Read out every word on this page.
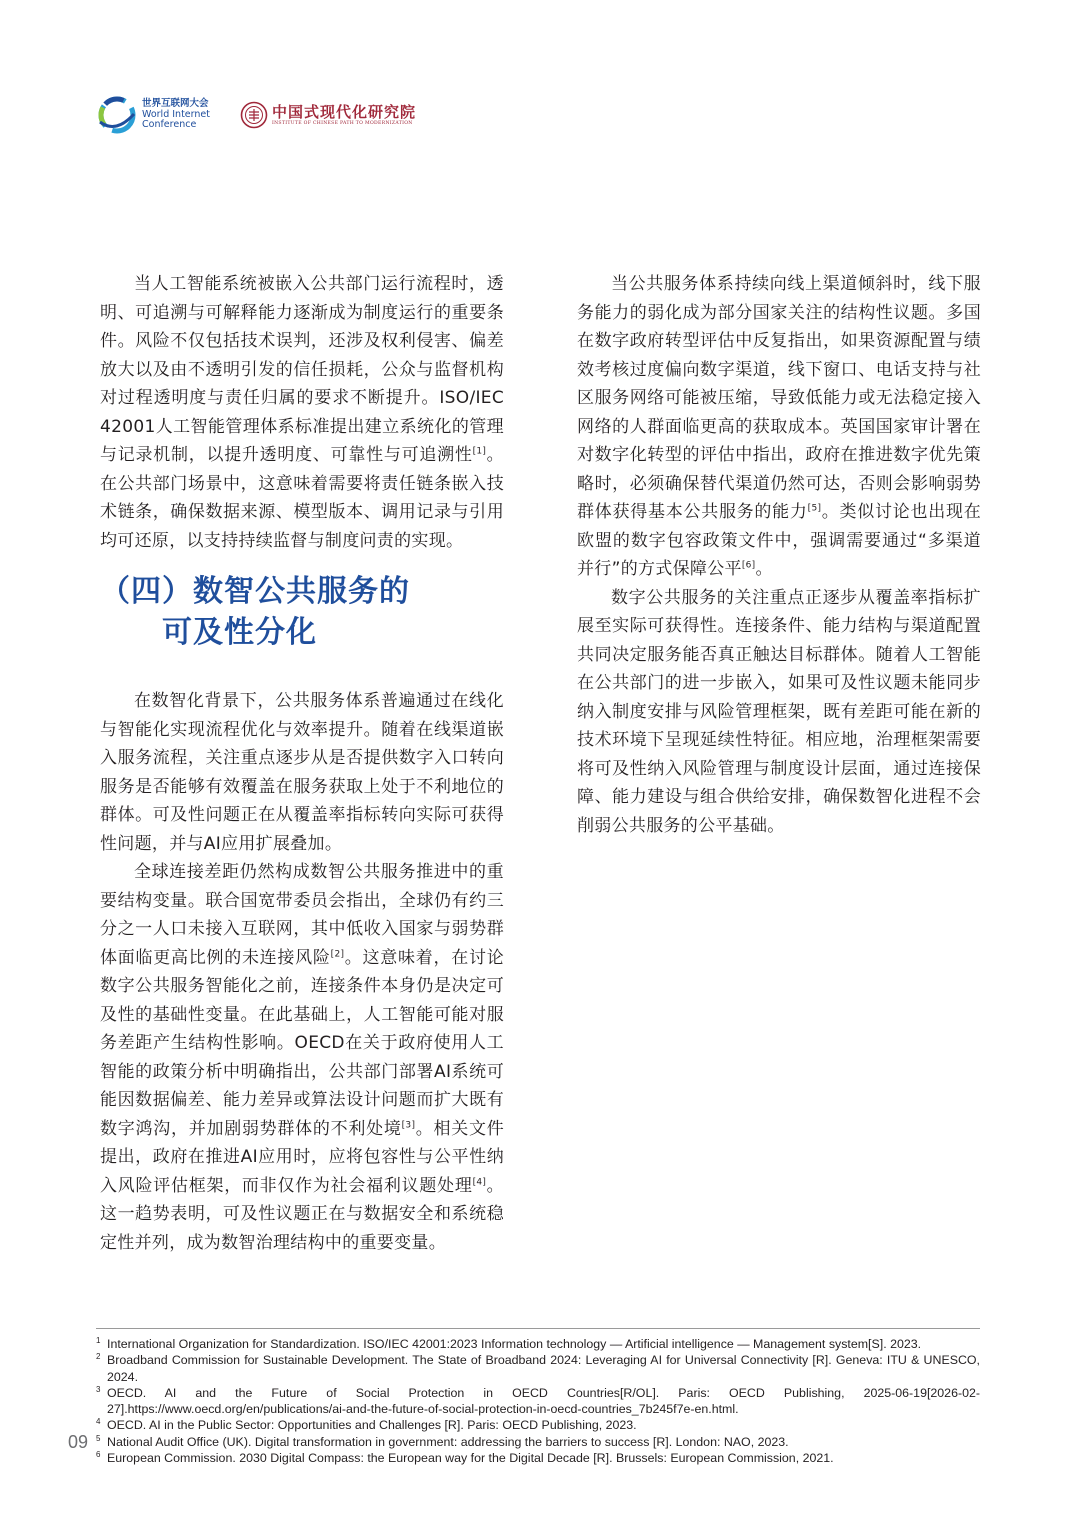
世界互联网大会
World Internet
Conference
中国式现代化研究院
INSTITUTE OF CHINESE PATH TO MODERNIZATION

当人工智能系统被嵌入公共部门运行流程时，透明、可追溯与可解释能力逐渐成为制度运行的重要条件。风险不仅包括技术误判，还涉及权利侵害、偏差放大以及由不透明引发的信任损耗，公众与监督机构对过程透明度与责任归属的要求不断提升。ISO/IEC 42001人工智能管理体系标准提出建立系统化的管理与记录机制，以提升透明度、可靠性与可追溯性[1]。在公共部门场景中，这意味着需要将责任链条嵌入技术链条，确保数据来源、模型版本、调用记录与引用均可还原，以支持持续监督与制度问责的实现。

（四）数智公共服务的
可及性分化

在数智化背景下，公共服务体系普遍通过在线化与智能化实现流程优化与效率提升。随着在线渠道嵌入服务流程，关注重点逐步从是否提供数字入口转向服务是否能够有效覆盖在服务获取上处于不利地位的群体。可及性问题正在从覆盖率指标转向实际可获得性问题，并与AI应用扩展叠加。

全球连接差距仍然构成数智公共服务推进中的重要结构变量。联合国宽带委员会指出，全球仍有约三分之一人口未接入互联网，其中低收入国家与弱势群体面临更高比例的未连接风险[2]。这意味着，在讨论数字公共服务智能化之前，连接条件本身仍是决定可及性的基础性变量。在此基础上，人工智能可能对服务差距产生结构性影响。OECD在关于政府使用人工智能的政策分析中明确指出，公共部门部署AI系统可能因数据偏差、能力差异或算法设计问题而扩大既有数字鸿沟，并加剧弱势群体的不利处境[3]。相关文件提出，政府在推进AI应用时，应将包容性与公平性纳入风险评估框架，而非仅作为社会福利议题处理[4]。这一趋势表明，可及性议题正在与数据安全和系统稳定性并列，成为数智治理结构中的重要变量。

当公共服务体系持续向线上渠道倾斜时，线下服务能力的弱化成为部分国家关注的结构性议题。多国在数字政府转型评估中反复指出，如果资源配置与绩效考核过度偏向数字渠道，线下窗口、电话支持与社区服务网络可能被压缩，导致低能力或无法稳定接入网络的人群面临更高的获取成本。英国国家审计署在对数字化转型的评估中指出，政府在推进数字优先策略时，必须确保替代渠道仍然可达，否则会影响弱势群体获得基本公共服务的能力[5]。类似讨论也出现在欧盟的数字包容政策文件中，强调需要通过“多渠道并行”的方式保障公平[6]。

数字公共服务的关注重点正逐步从覆盖率指标扩展至实际可获得性。连接条件、能力结构与渠道配置共同决定服务能否真正触达目标群体。随着人工智能在公共部门的进一步嵌入，如果可及性议题未能同步纳入制度安排与风险管理框架，既有差距可能在新的技术环境下呈现延续性特征。相应地，治理框架需要将可及性纳入风险管理与制度设计层面，通过连接保障、能力建设与组合供给安排，确保数智化进程不会削弱公共服务的公平基础。

1 International Organization for Standardization. ISO/IEC 42001:2023 Information technology — Artificial intelligence — Management system[S]. 2023.
2 Broadband Commission for Sustainable Development. The State of Broadband 2024: Leveraging AI for Universal Connectivity [R]. Geneva: ITU & UNESCO, 2024.
3 OECD. AI and the Future of Social Protection in OECD Countries[R/OL]. Paris: OECD Publishing, 2025-06-19[2026-02-27].https://www.oecd.org/en/publications/ai-and-the-future-of-social-protection-in-oecd-countries_7b245f7e-en.html.
4 OECD. AI in the Public Sector: Opportunities and Challenges [R]. Paris: OECD Publishing, 2023.
5 National Audit Office (UK). Digital transformation in government: addressing the barriers to success [R]. London: NAO, 2023.
6 European Commission. 2030 Digital Compass: the European way for the Digital Decade [R]. Brussels: European Commission, 2021.
09
